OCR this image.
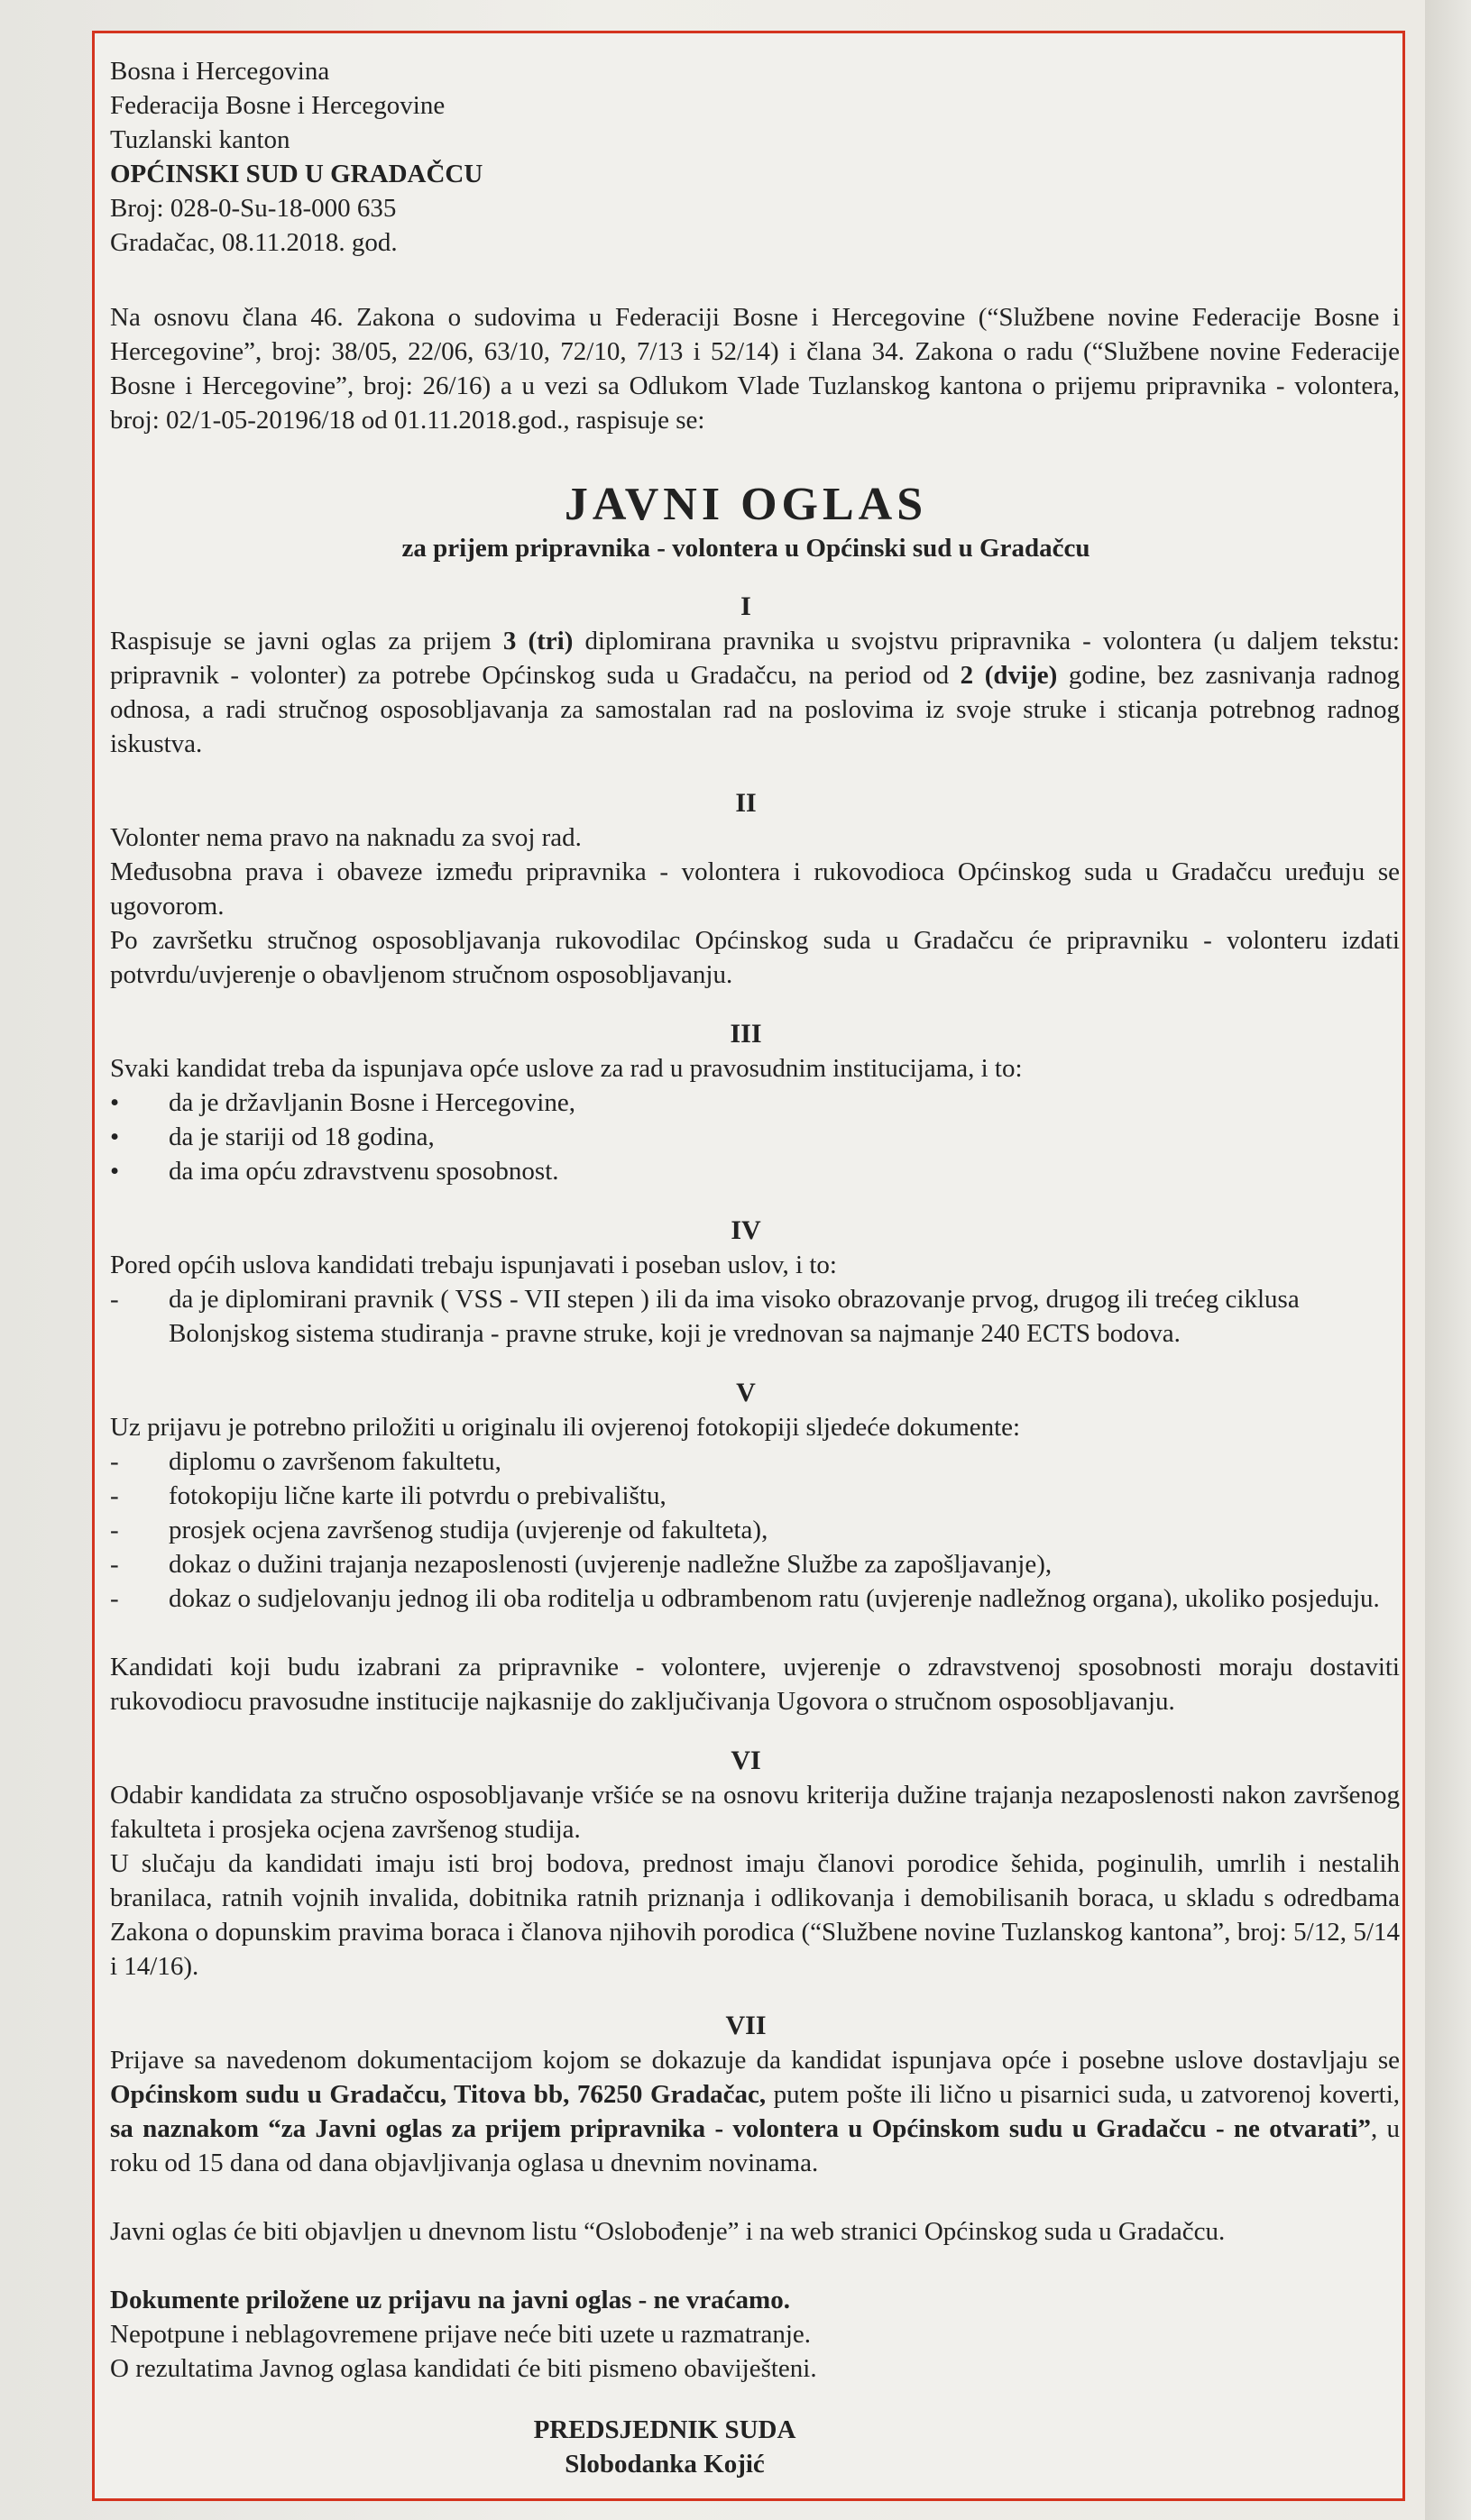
Bosna i Hercegovina
Federacija Bosne i Hercegovine
Tuzlanski kanton
OPĆINSKI SUD U GRADAČCU
Broj: 028-0-Su-18-000 635
Gradačac, 08.11.2018. god.

Na osnovu člana 46. Zakona o sudovima u Federaciji Bosne i Hercegovine (“Službene novine Federacije Bosne i Hercegovine”, broj: 38/05, 22/06, 63/10, 72/10, 7/13 i 52/14) i člana 34. Zakona o radu (“Službene novine Federacije Bosne i Hercegovine”, broj: 26/16) a u vezi sa Odlukom Vlade Tuzlanskog kantona o prijemu pripravnika - volontera, broj: 02/1-05-20196/18 od 01.11.2018.god., raspisuje se:

JAVNI OGLAS
za prijem pripravnika - volontera u Općinski sud u Gradačcu
I

Raspisuje se javni oglas za prijem 3 (tri) diplomirana pravnika u svojstvu pripravnika - volontera (u daljem tekstu: pripravnik - volonter) za potrebe Općinskog suda u Gradačcu, na period od 2 (dvije) godine, bez zasnivanja radnog odnosa, a radi stručnog osposobljavanja za samostalan rad na poslovima iz svoje struke i sticanja potrebnog radnog iskustva.

II

Volonter nema pravo na naknadu za svoj rad.

Međusobna prava i obaveze između pripravnika - volontera i rukovodioca Općinskog suda u Gradačcu uređuju se ugovorom.

Po završetku stručnog osposobljavanja rukovodilac Općinskog suda u Gradačcu će pripravniku - volonteru izdati potvrdu/uvjerenje o obavljenom stručnom osposobljavanju.

III

Svaki kandidat treba da ispunjava opće uslove za rad u pravosudnim institucijama, i to:

• da je državljanin Bosne i Hercegovine,
• da je stariji od 18 godina,
• da ima opću zdravstvenu sposobnost.
IV

Pored općih uslova kandidati trebaju ispunjavati i poseban uslov, i to:

- da je diplomirani pravnik ( VSS - VII stepen ) ili da ima visoko obrazovanje prvog, drugog ili trećeg ciklusa Bolonjskog sistema studiranja - pravne struke, koji je vrednovan sa najmanje 240 ECTS bodova.
V

Uz prijavu je potrebno priložiti u originalu ili ovjerenoj fotokopiji sljedeće dokumente:

- diplomu o završenom fakultetu,
- fotokopiju lične karte ili potvrdu o prebivalištu,
- prosjek ocjena završenog studija (uvjerenje od fakulteta),
- dokaz o dužini trajanja nezaposlenosti (uvjerenje nadležne Službe za zapošljavanje),
- dokaz o sudjelovanju jednog ili oba roditelja u odbrambenom ratu (uvjerenje nadležnog organa), ukoliko posjeduju.

Kandidati koji budu izabrani za pripravnike - volontere, uvjerenje o zdravstvenoj sposobnosti moraju dostaviti rukovodiocu pravosudne institucije najkasnije do zaključivanja Ugovora o stručnom osposobljavanju.

VI

Odabir kandidata za stručno osposobljavanje vršiće se na osnovu kriterija dužine trajanja nezaposlenosti nakon završenog fakulteta i prosjeka ocjena završenog studija.

U slučaju da kandidati imaju isti broj bodova, prednost imaju članovi porodice šehida, poginulih, umrlih i nestalih branilaca, ratnih vojnih invalida, dobitnika ratnih priznanja i odlikovanja i demobilisanih boraca, u skladu s odredbama Zakona o dopunskim pravima boraca i članova njihovih porodica (“Službene novine Tuzlanskog kantona”, broj: 5/12, 5/14 i 14/16).

VII

Prijave sa navedenom dokumentacijom kojom se dokazuje da kandidat ispunjava opće i posebne uslove dostavljaju se Općinskom sudu u Gradačcu, Titova bb, 76250 Gradačac, putem pošte ili lično u pisarnici suda, u zatvorenoj koverti, sa naznakom “za Javni oglas za prijem pripravnika - volontera u Općinskom sudu u Gradačcu - ne otvarati”, u roku od 15 dana od dana objavljivanja oglasa u dnevnim novinama.

Javni oglas će biti objavljen u dnevnom listu “Oslobođenje” i na web stranici Općinskog suda u Gradačcu.

Dokumente priložene uz prijavu na javni oglas - ne vraćamo.

Nepotpune i neblagovremene prijave neće biti uzete u razmatranje.

O rezultatima Javnog oglasa kandidati će biti pismeno obaviješteni.

PREDSJEDNIK SUDA
Slobodanka Kojić
